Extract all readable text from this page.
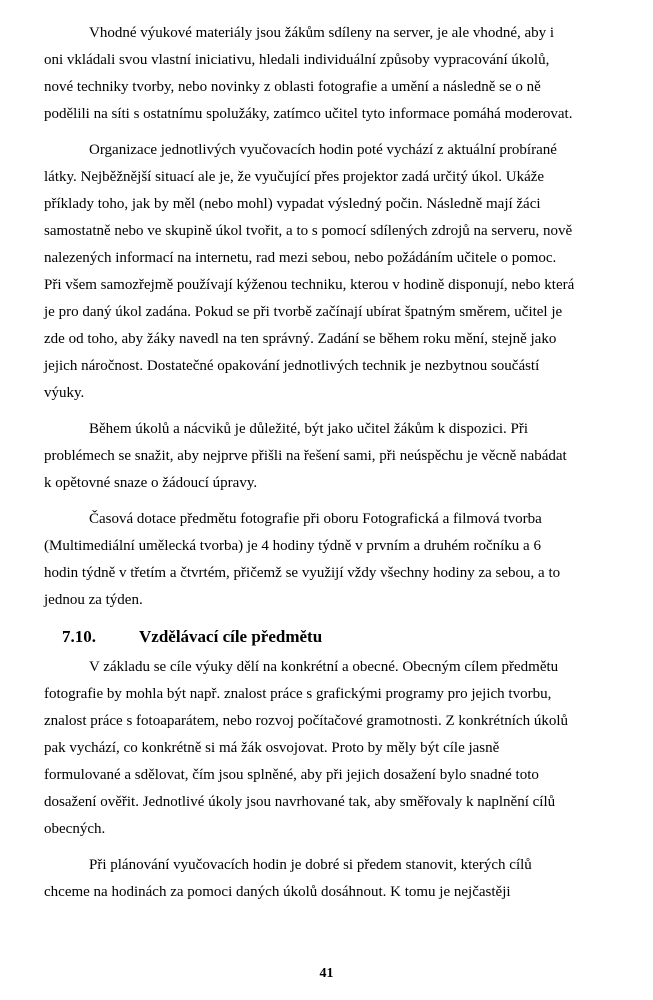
Vhodné výukové materiály jsou žákům sdíleny na server, je ale vhodné, aby i
oni vkládali svou vlastní iniciativu, hledali individuální způsoby vypracování úkolů,
nové techniky tvorby, nebo novinky z oblasti fotografie a umění a následně se o ně
podělili na síti s ostatnímu spolužáky, zatímco učitel tyto informace pomáhá moderovat.

Organizace jednotlivých vyučovacích hodin poté vychází z aktuální probírané
látky. Nejběžnější situací ale je, že vyučující přes projektor zadá určitý úkol. Ukáže
příklady toho, jak by měl (nebo mohl) vypadat výsledný počin. Následně mají žáci
samostatně nebo ve skupině úkol tvořit, a to s pomocí sdílených zdrojů na serveru, nově
nalezených informací na internetu, rad mezi sebou, nebo požádáním učitele o pomoc.
Při všem samozřejmě používají kýženou techniku, kterou v hodině disponují, nebo která
je pro daný úkol zadána. Pokud se při tvorbě začínají ubírat špatným směrem, učitel je
zde od toho, aby žáky navedl na ten správný. Zadání se během roku mění, stejně jako
jejich náročnost. Dostatečné opakování jednotlivých technik je nezbytnou součástí
výuky.

Během úkolů a nácviků je důležité, být jako učitel žákům k dispozici. Při
problémech se snažit, aby nejprve přišli na řešení sami, při neúspěchu je věcně nabádat
k opětovné snaze o žádoucí úpravy.

Časová dotace předmětu fotografie při oboru Fotografická a filmová tvorba
(Multimediální umělecká tvorba) je 4 hodiny týdně v prvním a druhém ročníku a 6
hodin týdně v třetím a čtvrtém, přičemž se využijí vždy všechny hodiny za sebou, a to
jednou za týden.

7.10.	Vzdělávací cíle předmětu

V základu se cíle výuky dělí na konkrétní a obecné. Obecným cílem předmětu
fotografie by mohla být např. znalost práce s grafickými programy pro jejich tvorbu,
znalost práce s fotoaparátem, nebo rozvoj počítačové gramotnosti. Z konkrétních úkolů
pak vychází, co konkrétně si má žák osvojovat. Proto by měly být cíle jasně
formulované a sdělovat, čím jsou splněné, aby při jejich dosažení bylo snadné toto
dosažení ověřit. Jednotlivé úkoly jsou navrhované tak, aby směřovaly k naplnění cílů
obecných.

Při plánování vyučovacích hodin je dobré si předem stanovit, kterých cílů
chceme na hodinách za pomoci daných úkolů dosáhnout. K tomu je nejčastěji

41
